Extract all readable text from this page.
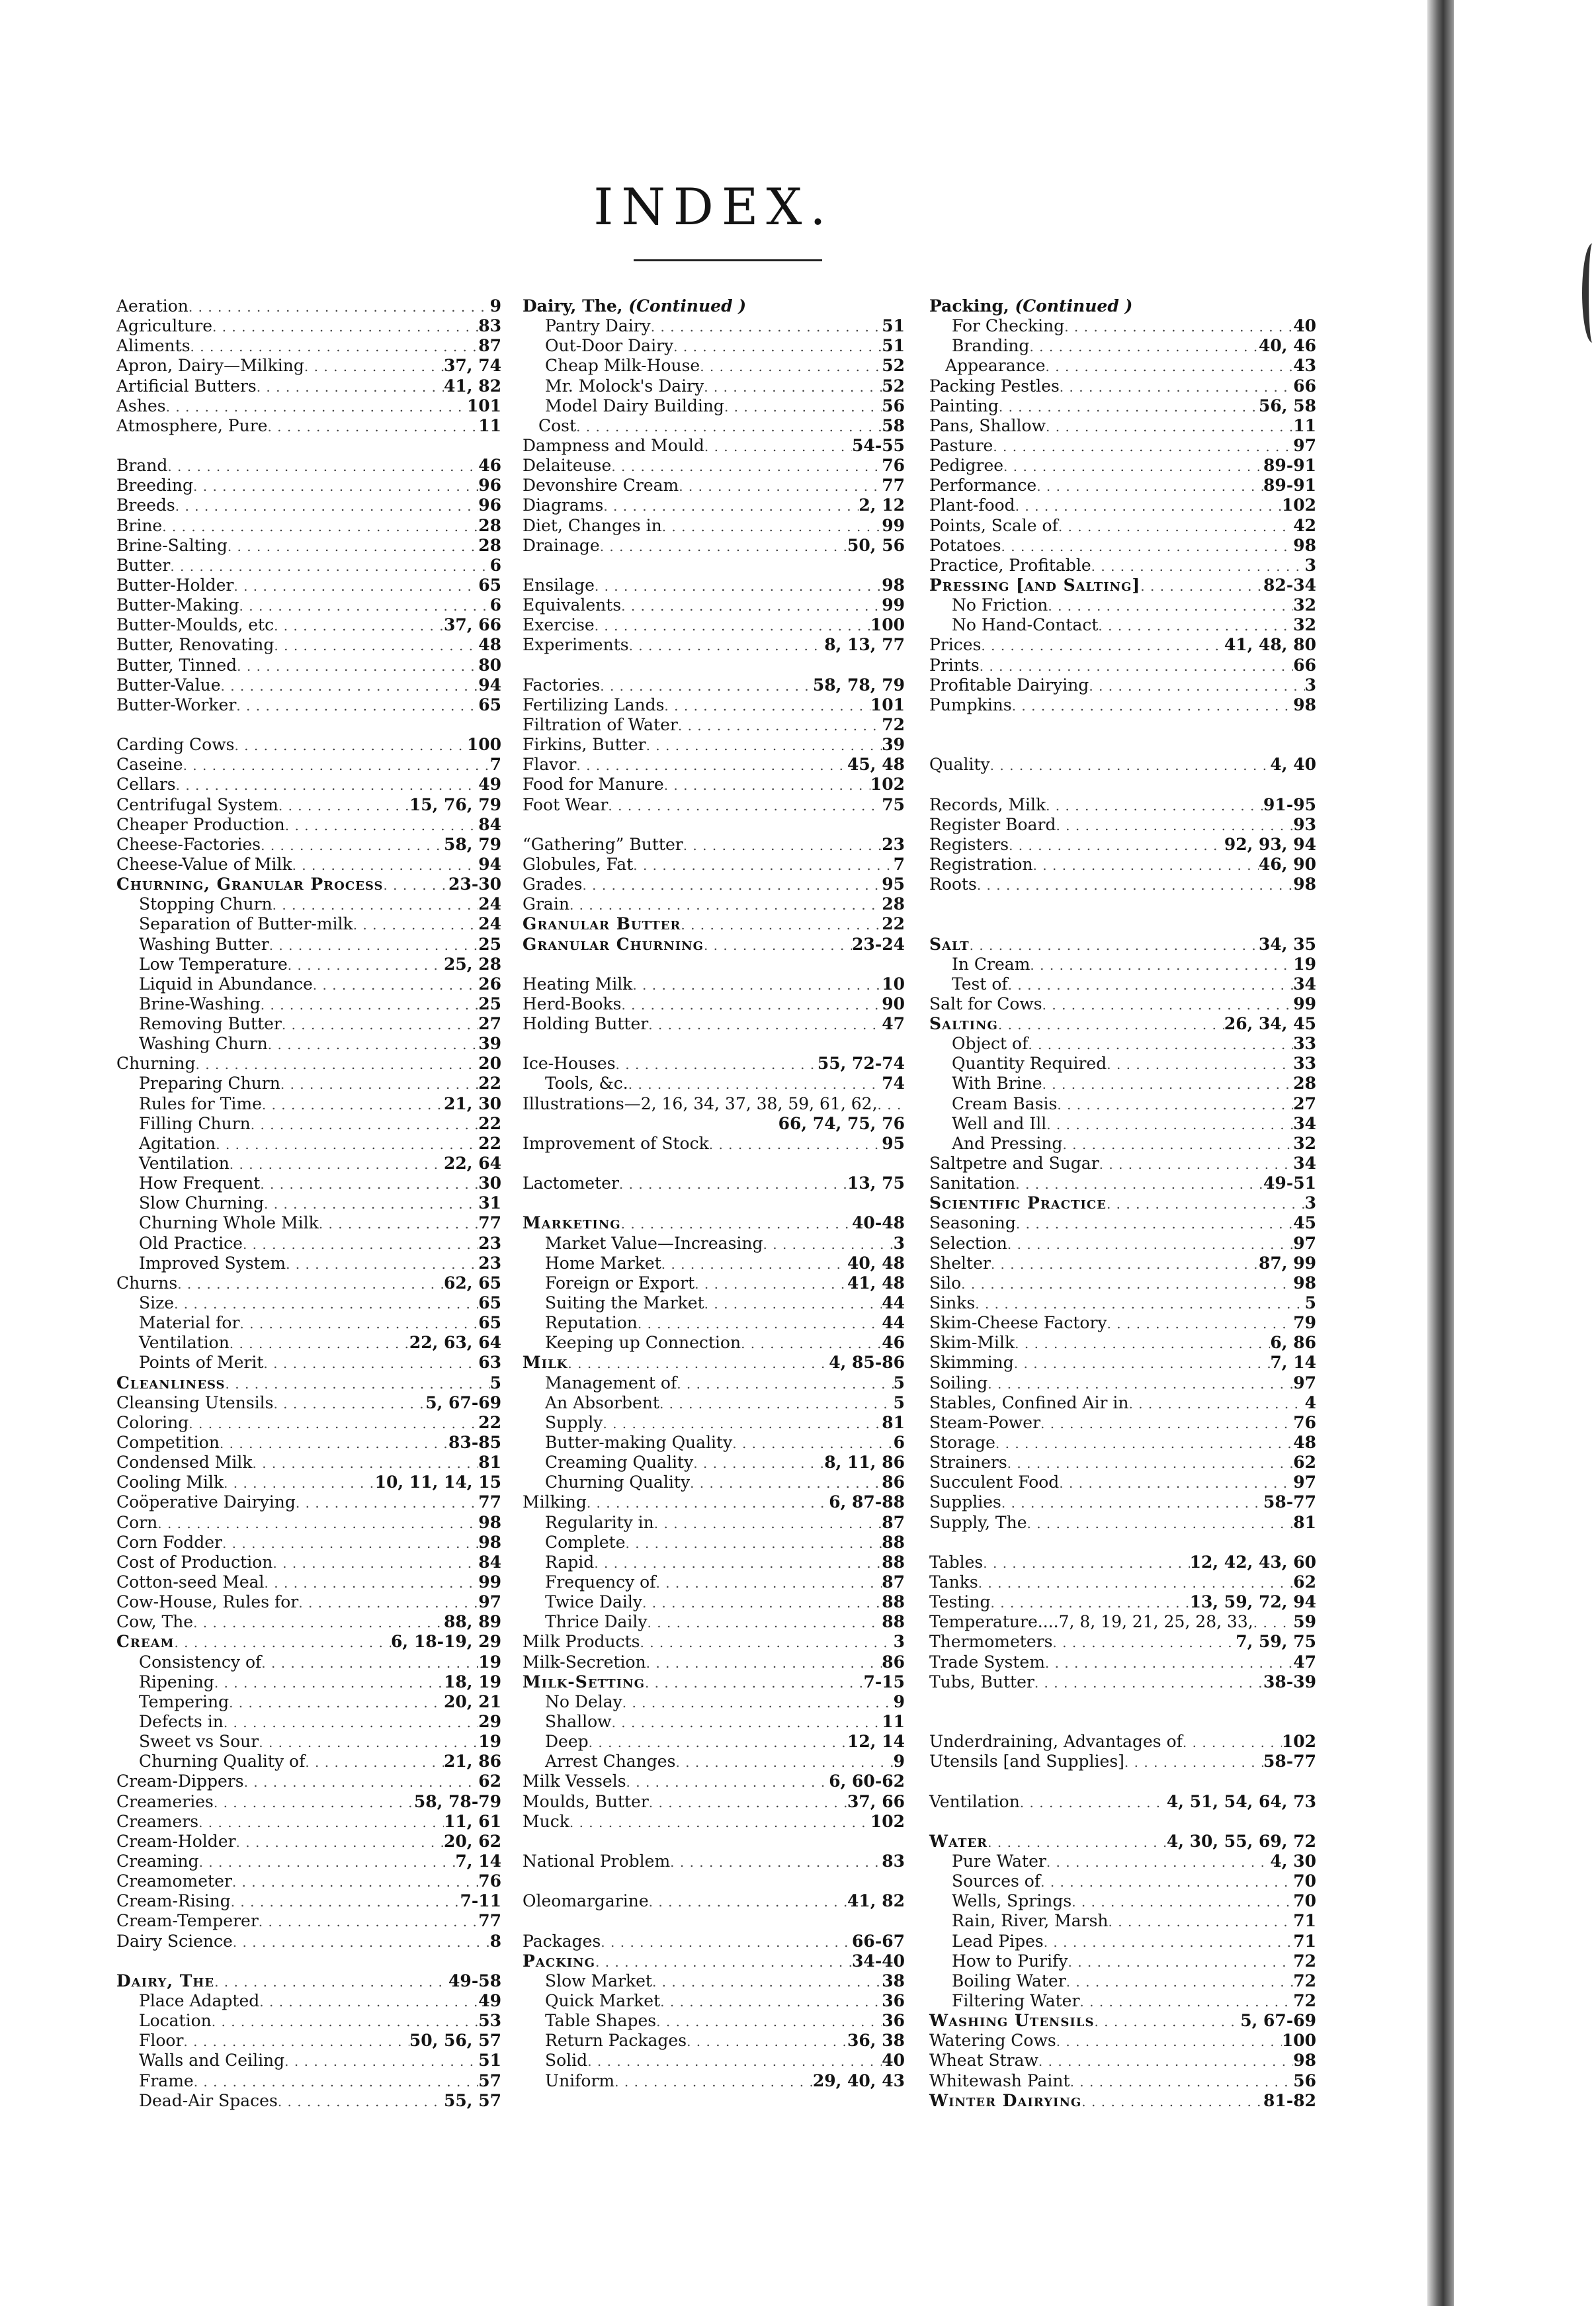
INDEX.
Aeration . . .	9
Agriculture . . .	83
Aliments . . .	87
Apron, Dairy—Milking . . .	37, 74
Artificial Butters . . .	41, 82
Ashes . . .	101
Atmosphere, Pure . . .	11
Brand . . .	46
Breeding . . .	96
Breeds . . .	96
Brine . . .	28
Brine-Salting . . .	28
Butter . . .	6
Butter-Holder . . .	65
Butter-Making . . .	6
Butter-Moulds, etc . . .	37, 66
Butter, Renovating . . .	48
Butter, Tinned . . .	80
Butter-Value . . .	94
Butter-Worker . . .	65
Carding Cows . . .	100
Caseine . . .	7
Cellars . . .	49
Centrifugal System . . .	15, 76, 79
Cheaper Production . . .	84
Cheese-Factories . . .	58, 79
Cheese-Value of Milk . . .	94
Churning, Granular Process . . .	23-30
Stopping Churn . . .	24
Separation of Butter-milk . . .	24
Washing Butter . . .	25
Low Temperature . . .	25, 28
Liquid in Abundance . . .	26
Brine-Washing . . .	25
Removing Butter . . .	27
Washing Churn . . .	39
Churning . . .	20
Preparing Churn . . .	22
Rules for Time . . .	21, 30
Filling Churn . . .	22
Agitation . . .	22
Ventilation . . .	22, 64
How Frequent . . .	30
Slow Churning . . .	31
Churning Whole Milk . . .	77
Old Practice . . .	23
Improved System . . .	23
Churns . . .	62, 65
Size . . .	65
Material for . . .	65
Ventilation . . .	22, 63, 64
Points of Merit . . .	63
Cleanliness . . .	5
Cleansing Utensils . . .	5, 67-69
Coloring . . .	22
Competition . . .	83-85
Condensed Milk . . .	81
Cooling Milk . . .	10, 11, 14, 15
Coöperative Dairying . . .	77
Corn . . .	98
Corn Fodder . . .	98
Cost of Production . . .	84
Cotton-seed Meal . . .	99
Cow-House, Rules for . . .	97
Cow, The . . .	88, 89
Cream . . .	6, 18-19, 29
Consistency of . . .	19
Ripening . . .	18, 19
Tempering . . .	20, 21
Defects in . . .	29
Sweet vs Sour . . .	19
Churning Quality of . . .	21, 86
Cream-Dippers . . .	62
Creameries . . .	58, 78-79
Creamers . . .	11, 61
Cream-Holder . . .	20, 62
Creaming . . .	7, 14
Creamometer . . .	76
Cream-Rising . . .	7-11
Cream-Temperer . . .	77
Dairy Science . . .	8
Dairy, The . . .	49-58
Place Adapted . . .	49
Location . . .	53
Floor . . .	50, 56, 57
Walls and Ceiling . . .	51
Frame . . .	57
Dead-Air Spaces . . .	55, 57
Dairy, The, (Continued )
Pantry Dairy . . .	51
Out-Door Dairy . . .	51
Cheap Milk-House . . .	52
Mr. Molock's Dairy . . .	52
Model Dairy Building . . .	56
Cost . . .	58
Dampness and Mould . . .	54-55
Delaiteuse . . .	76
Devonshire Cream . . .	77
Diagrams . . .	2, 12
Diet, Changes in . . .	99
Drainage . . .	50, 56
Ensilage . . .	98
Equivalents . . .	99
Exercise . . .	100
Experiments . . .	8, 13, 77
Factories . . .	58, 78, 79
Fertilizing Lands . . .	101
Filtration of Water . . .	72
Firkins, Butter . . .	39
Flavor . . .	45, 48
Food for Manure . . .	102
Foot Wear . . .	75
“Gathering” Butter . . .	23
Globules, Fat . . .	7
Grades . . .	95
Grain . . .	28
Granular Butter . . .	22
Granular Churning . . .	23-24
Heating Milk . . .	10
Herd-Books . . .	90
Holding Butter . . .	47
Ice-Houses . . .	55, 72-74
Tools, &c. . . .	74
Illustrations—2, 16, 34, 37, 38, 59, 61, 62,
. . .
66, 74, 75, 76
Improvement of Stock . . .	95
Lactometer . . .	13, 75
Marketing . . .	40-48
Market Value—Increasing . . .	3
Home Market . . .	40, 48
Foreign or Export . . .	41, 48
Suiting the Market . . .	44
Reputation . . .	44
Keeping up Connection . . .	46
Milk . . .	4, 85-86
Management of . . .	5
An Absorbent . . .	5
Supply . . .	81
Butter-making Quality . . .	6
Creaming Quality . . .	8, 11, 86
Churning Quality . . .	86
Milking . . .	6, 87-88
Regularity in . . .	87
Complete . . .	88
Rapid . . .	88
Frequency of . . .	87
Twice Daily . . .	88
Thrice Daily . . .	88
Milk Products . . .	3
Milk-Secretion . . .	86
Milk-Setting . . .	7-15
No Delay . . .	9
Shallow . . .	11
Deep . . .	12, 14
Arrest Changes . . .	9
Milk Vessels . . .	6, 60-62
Moulds, Butter . . .	37, 66
Muck . . .	102
National Problem . . .	83
Oleomargarine . . .	41, 82
Packages . . .	66-67
Packing . . .	34-40
Slow Market . . .	38
Quick Market . . .	36
Table Shapes . . .	36
Return Packages . . .	36, 38
Solid . . .	40
Uniform . . .	29, 40, 43
Packing, (Continued )
For Checking . . .	40
Branding . . .	40, 46
Appearance . . .	43
Packing Pestles . . .	66
Painting . . .	56, 58
Pans, Shallow . . .	11
Pasture . . .	97
Pedigree . . .	89-91
Performance . . .	89-91
Plant-food . . .	102
Points, Scale of . . .	42
Potatoes . . .	98
Practice, Profitable . . .	3
Pressing [and Salting] . . .	82-34
No Friction . . .	32
No Hand-Contact . . .	32
Prices . . .	41, 48, 80
Prints . . .	66
Profitable Dairying . . .	3
Pumpkins . . .	98
Quality . . .	4, 40
Records, Milk . . .	91-95
Register Board . . .	93
Registers . . .	92, 93, 94
Registration . . .	46, 90
Roots . . .	98
Salt . . .	34, 35
In Cream . . .	19
Test of . . .	34
Salt for Cows . . .	99
Salting . . .	26, 34, 45
Object of . . .	33
Quantity Required . . .	33
With Brine . . .	28
Cream Basis . . .	27
Well and Ill . . .	34
And Pressing . . .	32
Saltpetre and Sugar . . .	34
Sanitation . . .	49-51
Scientific Practice . . .	3
Seasoning . . .	45
Selection . . .	97
Shelter . . .	87, 99
Silo . . .	98
Sinks . . .	5
Skim-Cheese Factory . . .	79
Skim-Milk . . .	6, 86
Skimming . . .	7, 14
Soiling . . .	97
Stables, Confined Air in . . .	4
Steam-Power . . .	76
Storage . . .	48
Strainers . . .	62
Succulent Food . . .	97
Supplies . . .	58-77
Supply, The . . .	81
Tables . . .	12, 42, 43, 60
Tanks . . .	62
Testing . . .	13, 59, 72, 94
Temperature....7, 8, 19, 21, 25, 28, 33, . . . 59
Thermometers . . .	7, 59, 75
Trade System . . .	47
Tubs, Butter . . .	38-39
Underdraining, Advantages of . . .	102
Utensils [and Supplies] . . .	58-77
Ventilation . . .	4, 51, 54, 64, 73
Water . . .	4, 30, 55, 69, 72
Pure Water . . .	4, 30
Sources of . . .	70
Wells, Springs . . .	70
Rain, River, Marsh . . .	71
Lead Pipes . . .	71
How to Purify . . .	72
Boiling Water . . .	72
Filtering Water . . .	72
Washing Utensils . . .	5, 67-69
Watering Cows . . .	100
Wheat Straw . . .	98
Whitewash Paint . . .	56
Winter Dairying . . .	81-82
